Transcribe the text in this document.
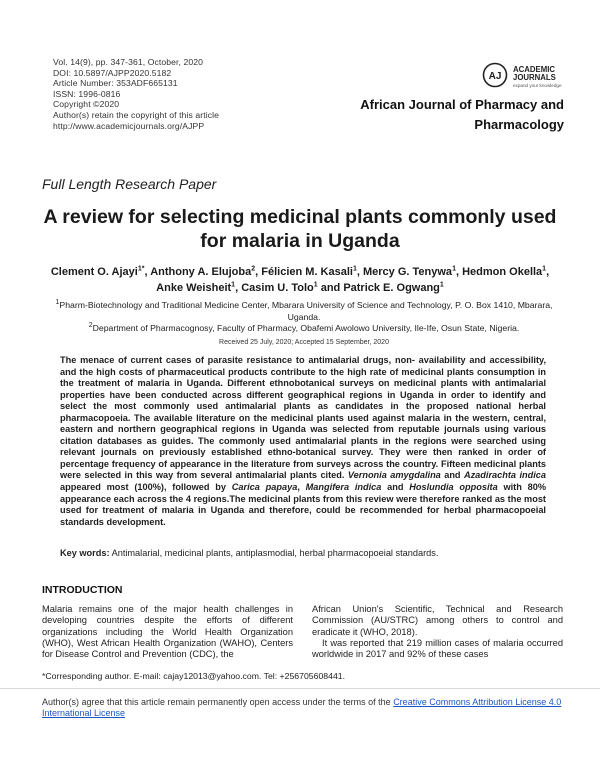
Vol. 14(9), pp. 347-361, October, 2020
DOI: 10.5897/AJPP2020.5182
Article Number: 353ADF665131
ISSN: 1996-0816
Copyright ©2020
Author(s) retain the copyright of this article
http://www.academicjournals.org/AJPP
AJ
ACADEMIC
JOURNALS
expand your knowledge
African Journal of Pharmacy and
Pharmacology
Full Length Research Paper
A review for selecting medicinal plants commonly used
for malaria in Uganda
Clement O. Ajayi$^{1*}$, Anthony A. Elujoba$^2$, Félicien M. Kasali$^1$, Mercy G. Tenywa$^1$, Hedmon Okella$^1$, Anke Weisheit$^1$, Casim U. Tolo$^1$ and Patrick E. Ogwang$^1$
$^1$Pharm-Biotechnology and Traditional Medicine Center, Mbarara University of Science and Technology, P. O. Box 1410, Mbarara, Uganda.
$^2$Department of Pharmacognosy, Faculty of Pharmacy, Obafemi Awolowo University, Ile-Ife, Osun State, Nigeria.
Received 25 July, 2020; Accepted 15 September, 2020
The menace of current cases of parasite resistance to antimalarial drugs, non- availability and accessibility, and the high costs of pharmaceutical products contribute to the high rate of medicinal plants consumption in the treatment of malaria in Uganda. Different ethnobotanical surveys on medicinal plants with antimalarial properties have been conducted across different geographical regions in Uganda in order to identify and select the most commonly used antimalarial plants as candidates in the proposed national herbal pharmacopoeia. The available literature on the medicinal plants used against malaria in the western, central, eastern and northern geographical regions in Uganda was selected from reputable journals using various citation databases as guides. The commonly used antimalarial plants in the regions were searched using relevant journals on previously established ethno-botanical survey. They were then ranked in order of percentage frequency of appearance in the literature from surveys across the country. Fifteen medicinal plants were selected in this way from several antimalarial plants cited. Vernonia amygdalina and Azadirachta indica appeared most (100%), followed by Carica papaya, Mangifera indica and Hoslundia opposita with 80% appearance each across the 4 regions.The medicinal plants from this review were therefore ranked as the most used for treatment of malaria in Uganda and therefore, could be recommended for herbal pharmacopoeial standards development.
Key words: Antimalarial, medicinal plants, antiplasmodial, herbal pharmacopoeial standards.
INTRODUCTION
Malaria remains one of the major health challenges in developing countries despite the efforts of different organizations including the World Health Organization (WHO), West African Health Organization (WAHO), Centers for Disease Control and Prevention (CDC), the

African Union's Scientific, Technical and Research Commission (AU/STRC) among others to control and eradicate it (WHO, 2018).

It was reported that 219 million cases of malaria occurred worldwide in 2017 and 92% of these cases

*Corresponding author. E-mail: cajay12013@yahoo.com. Tel: +256705608441.
Author(s) agree that this article remain permanently open access under the terms of the Creative Commons Attribution License 4.0 International License
